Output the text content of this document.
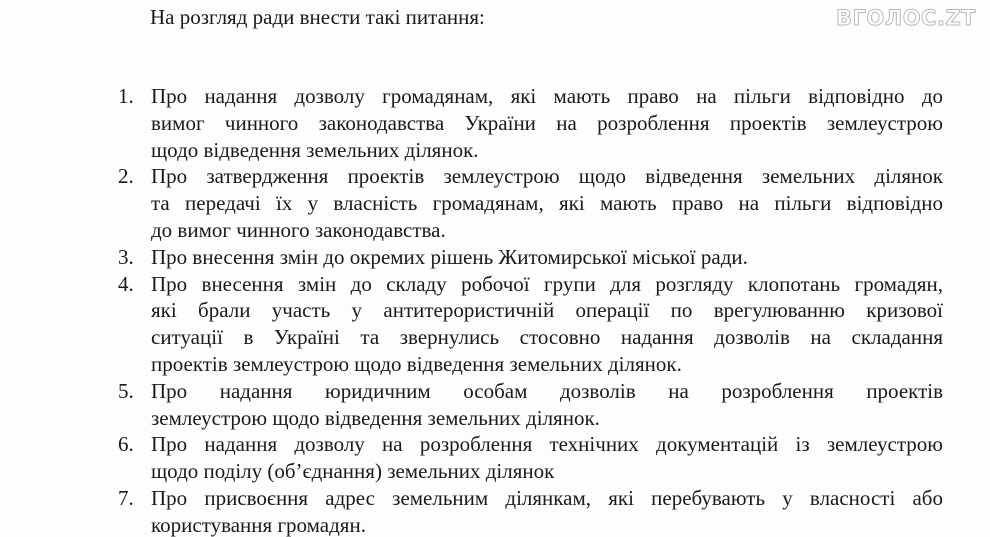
ВГОЛОС.ZT
На розгляд ради внести такі питання:
1. Про надання дозволу громадянам, які мають право на пільги відповідно до
вимог чинного законодавства України на розроблення проектів землеустрою
щодо відведення земельних ділянок.
2. Про затвердження проектів землеустрою щодо відведення земельних ділянок
та передачі їх у власність громадянам, які мають право на пільги відповідно
до вимог чинного законодавства.
3. Про внесення змін до окремих рішень Житомирської міської ради.
4. Про внесення змін до складу робочої групи для розгляду клопотань громадян,
які брали участь у антитерористичній операції по врегулюванню кризової
ситуації в Україні та звернулись стосовно надання дозволів на складання
проектів землеустрою щодо відведення земельних ділянок.
5. Про надання юридичним особам дозволів на розроблення проектів
землеустрою щодо відведення земельних ділянок.
6. Про надання дозволу на розроблення технічних документацій із землеустрою
щодо поділу (об’єднання) земельних ділянок
7. Про присвоєння адрес земельним ділянкам, які перебувають у власності або
користування громадян.
